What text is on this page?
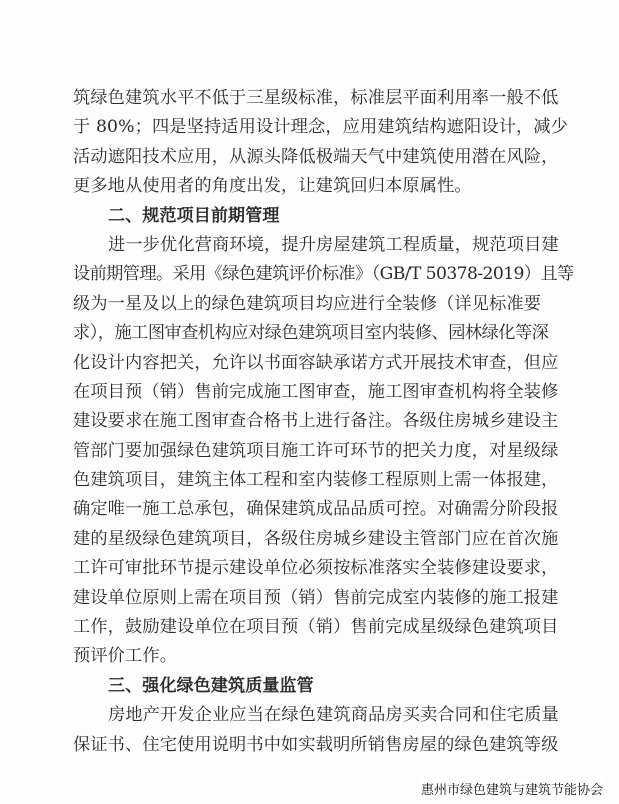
筑绿色建筑水平不低于三星级标准，标准层平面利用率一般不低
于 80%；四是坚持适用设计理念，应用建筑结构遮阳设计，减少
活动遮阳技术应用，从源头降低极端天气中建筑使用潜在风险，
更多地从使用者的角度出发，让建筑回归本原属性。
二、规范项目前期管理
进一步优化营商环境，提升房屋建筑工程质量，规范项目建
设前期管理。采用《绿色建筑评价标准》（GB/T 50378-2019）且等
级为一星及以上的绿色建筑项目均应进行全装修（详见标准要
求），施工图审查机构应对绿色建筑项目室内装修、园林绿化等深
化设计内容把关，允许以书面容缺承诺方式开展技术审查，但应
在项目预（销）售前完成施工图审查，施工图审查机构将全装修
建设要求在施工图审查合格书上进行备注。各级住房城乡建设主
管部门要加强绿色建筑项目施工许可环节的把关力度，对星级绿
色建筑项目，建筑主体工程和室内装修工程原则上需一体报建，
确定唯一施工总承包，确保建筑成品品质可控。对确需分阶段报
建的星级绿色建筑项目，各级住房城乡建设主管部门应在首次施
工许可审批环节提示建设单位必须按标准落实全装修建设要求，
建设单位原则上需在项目预（销）售前完成室内装修的施工报建
工作，鼓励建设单位在项目预（销）售前完成星级绿色建筑项目
预评价工作。
三、强化绿色建筑质量监管
房地产开发企业应当在绿色建筑商品房买卖合同和住宅质量
保证书、住宅使用说明书中如实载明所销售房屋的绿色建筑等级
惠州市绿色建筑与建筑节能协会
